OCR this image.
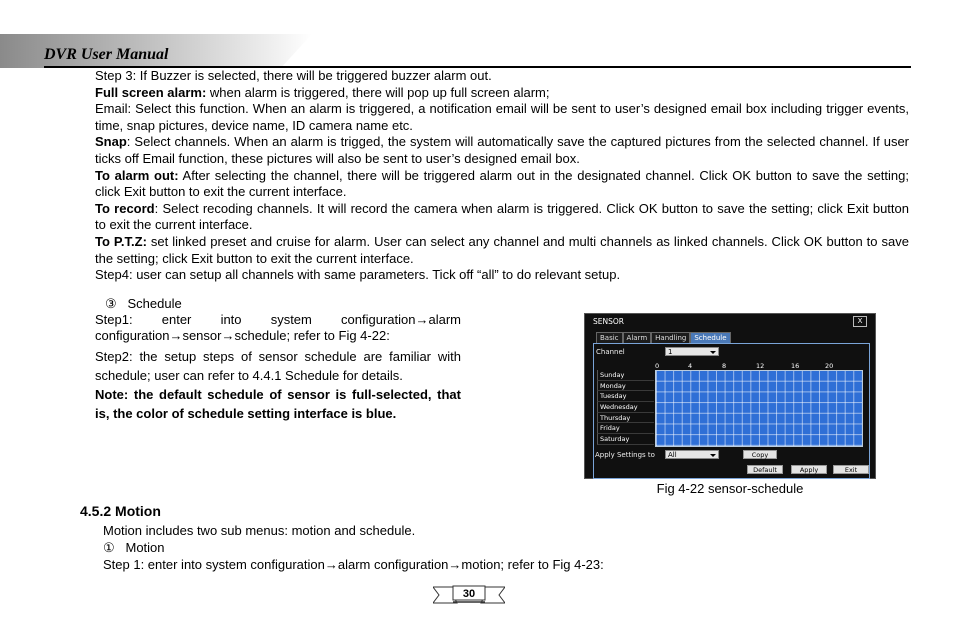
DVR User Manual

Step 3: If Buzzer is selected, there will be triggered buzzer alarm out.

Full screen alarm: when alarm is triggered, there will pop up full screen alarm;

Email: Select this function. When an alarm is triggered, a notification email will be sent to user’s designed email box including trigger events, time, snap pictures, device name, ID camera name etc.

Snap: Select channels. When an alarm is trigged, the system will automatically save the captured pictures from the selected channel. If user ticks off Email function, these pictures will also be sent to user’s designed email box.

To alarm out: After selecting the channel, there will be triggered alarm out in the designated channel. Click OK button to save the setting; click Exit button to exit the current interface.

To record: Select recoding channels. It will record the camera when alarm is triggered. Click OK button to save the setting; click Exit button to exit the current interface.

To P.T.Z: set linked preset and cruise for alarm. User can select any channel and multi channels as linked channels. Click OK button to save the setting; click Exit button to exit the current interface.

Step4: user can setup all channels with same parameters. Tick off “all” to do relevant setup.

③   Schedule

Step1: enter into system configuration→alarm configuration→sensor→schedule; refer to Fig 4-22:

Step2: the setup steps of sensor schedule are familiar with schedule; user can refer to 4.4.1 Schedule for details.

Note: the default schedule of sensor is full-selected, that is, the color of schedule setting interface is blue.

SENSOR	X
Basic	Alarm	Handling	Schedule
Channel	1
0	4	8	12	16	20
Sunday
Monday
Tuesday
Wednesday
Thursday
Friday
Saturday
Apply Settings to	All	Copy
Default	Apply	Exit
Fig 4-22 sensor-schedule
4.5.2 Motion

Motion includes two sub menus: motion and schedule.

①   Motion

Step 1: enter into system configuration→alarm configuration→motion; refer to Fig 4-23:

30
